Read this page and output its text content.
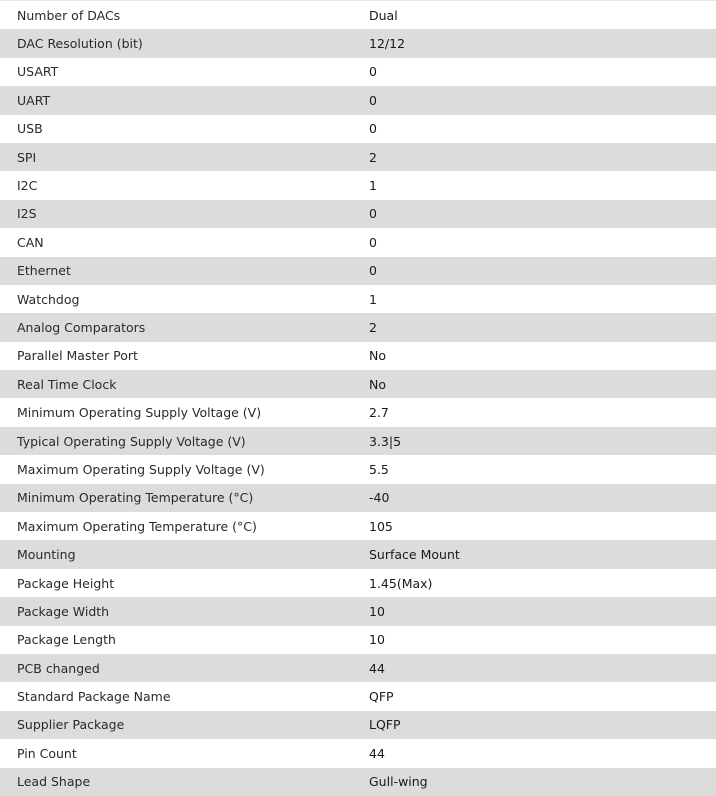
Number of DACs	Dual
DAC Resolution (bit)	12/12
USART	0
UART	0
USB	0
SPI	2
I2C	1
I2S	0
CAN	0
Ethernet	0
Watchdog	1
Analog Comparators	2
Parallel Master Port	No
Real Time Clock	No
Minimum Operating Supply Voltage (V)	2.7
Typical Operating Supply Voltage (V)	3.3|5
Maximum Operating Supply Voltage (V)	5.5
Minimum Operating Temperature (°C)	-40
Maximum Operating Temperature (°C)	105
Mounting	Surface Mount
Package Height	1.45(Max)
Package Width	10
Package Length	10
PCB changed	44
Standard Package Name	QFP
Supplier Package	LQFP
Pin Count	44
Lead Shape	Gull-wing
